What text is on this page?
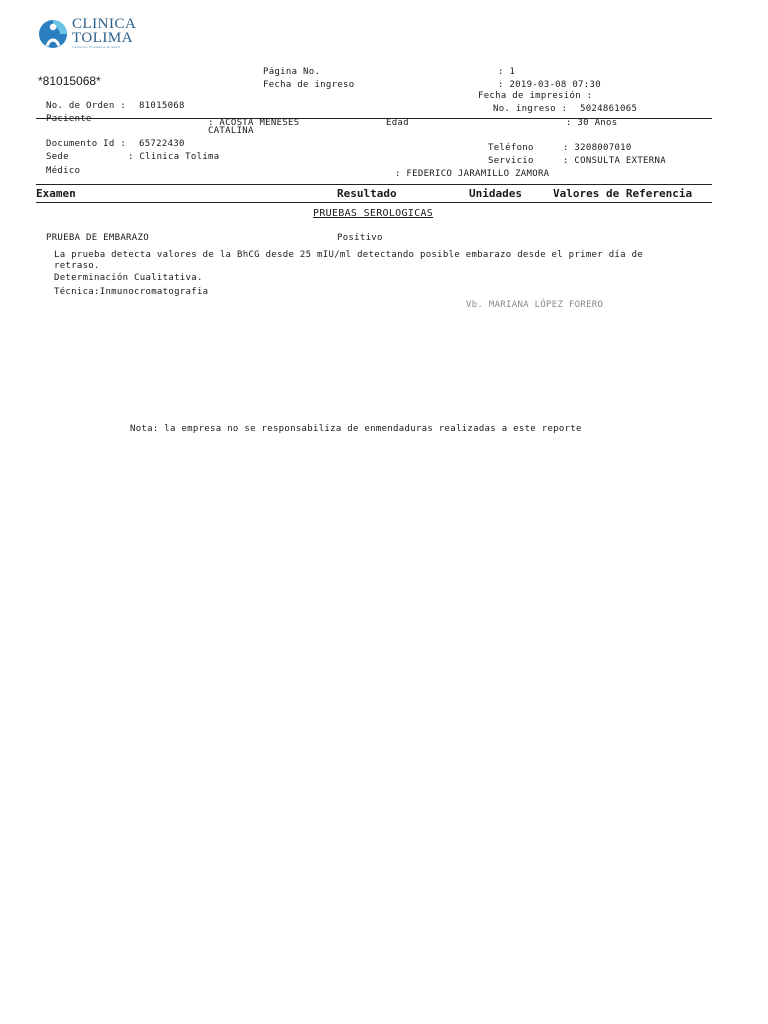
CLINICA
TOLIMA
Institución Prestadora de Salud
*81015068*
Página No.	: 1
Fecha de ingreso	: 2019-03-08 07:30
Fecha de impresión :
No. de Orden : 81015068	No. ingreso : 5024861065
Paciente	: ACOSTA MENESES
CATALINA
Edad	: 30 Años
Documento Id : 65722430	Teléfono	: 3208007010
Sede	: Clinica Tolima	Servicio	: CONSULTA EXTERNA
Médico	: FEDERICO JARAMILLO ZAMORA
Examen	Resultado	Unidades	Valores de Referencia
PRUEBAS SEROLOGICAS
PRUEBA DE EMBARAZO	Positivo
La prueba detecta valores de la BhCG desde 25 mIU/ml detectando posible embarazo desde el primer día de
retraso.
Determinación Cualitativa.
Técnica:Inmunocromatografia
Vb. MARIANA LÓPEZ FORERO
Nota: la empresa no se responsabiliza de enmendaduras realizadas a este reporte
